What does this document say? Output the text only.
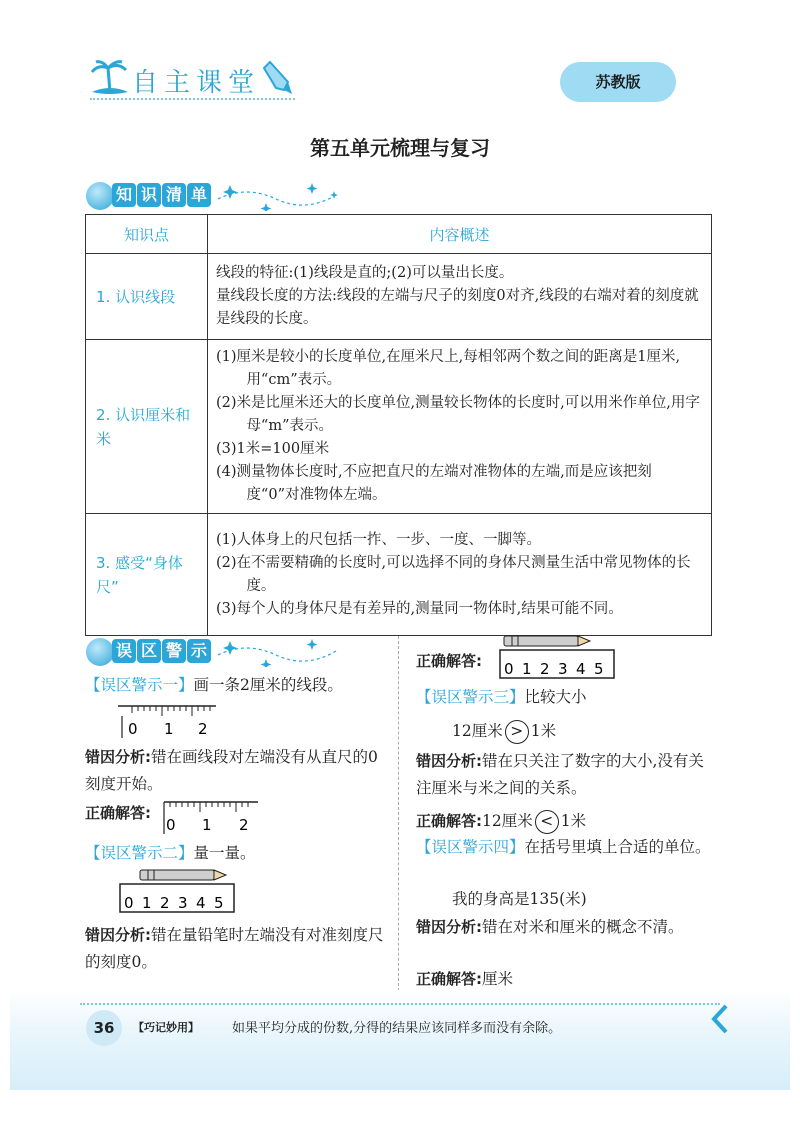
自主课堂	苏教版
第五单元梳理与复习
知 识 清 单
知识点	内容概述
1. 认识线段	线段的特征:(1)线段是直的;(2)可以量出长度。

量线段长度的方法:线段的左端与尺子的刻度0对齐,线段的右端对着的刻度就是线段的长度。

2. 认识厘米和米	(1)厘米是较小的长度单位,在厘米尺上,每相邻两个数之间的距离是1厘米,用“cm”表示。

(2)米是比厘米还大的长度单位,测量较长物体的长度时,可以用米作单位,用字母“m”表示。

(3)1米=100厘米

(4)测量物体长度时,不应把直尺的左端对准物体的左端,而是应该把刻度“0”对准物体左端。

3. 感受“身体尺”	(1)人体身上的尺包括一拃、一步、一度、一脚等。

(2)在不需要精确的长度时,可以选择不同的身体尺测量生活中常见物体的长度。

(3)每个人的身体尺是有差异的,测量同一物体时,结果可能不同。

误 区 警 示
【误区警示一】画一条2厘米的线段。
0 1 2
错因分析:错在画线段对左端没有从直尺的0刻度开始。
正确解答:
0 1 2
【误区警示二】量一量。
0 1 2 3 4 5
错因分析:错在量铅笔时左端没有对准刻度尺的刻度0。
正确解答: 0 1 2 3 4 5
【误区警示三】比较大小
12厘米 > 1米
错因分析:错在只关注了数字的大小,没有关注厘米与米之间的关系。
正确解答:12厘米 < 1米
【误区警示四】在括号里填上合适的单位。
我的身高是135(米)
错因分析:错在对米和厘米的概念不清。
正确解答:厘米
36	【巧记妙用】	如果平均分成的份数,分得的结果应该同样多而没有余除。
